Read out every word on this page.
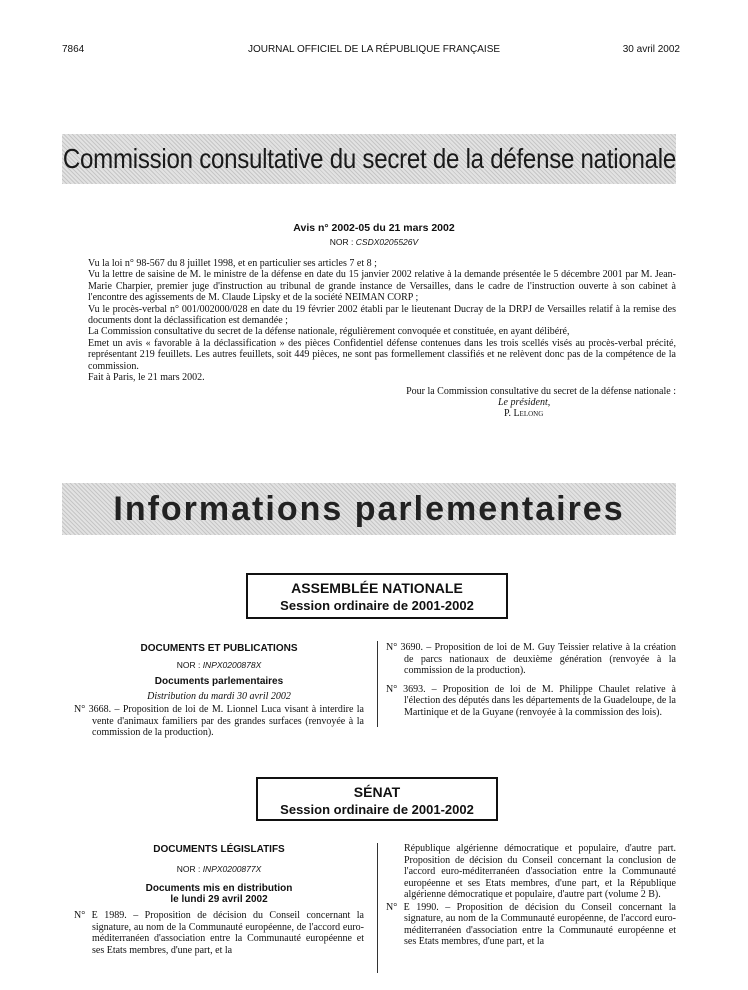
7864	JOURNAL OFFICIEL DE LA RÉPUBLIQUE FRANÇAISE	30 avril 2002
Commission consultative du secret de la défense nationale
Avis n° 2002-05 du 21 mars 2002
NOR : CSDX0205526V
Vu la loi n° 98-567 du 8 juillet 1998, et en particulier ses articles 7 et 8 ;
Vu la lettre de saisine de M. le ministre de la défense en date du 15 janvier 2002 relative à la demande présentée le 5 décembre 2001 par M. Jean-Marie Charpier, premier juge d'instruction au tribunal de grande instance de Versailles, dans le cadre de l'instruction ouverte à son cabinet à l'encontre des agissements de M. Claude Lipsky et de la société NEIMAN CORP ;
Vu le procès-verbal n° 001/002000/028 en date du 19 février 2002 établi par le lieutenant Ducray de la DRPJ de Versailles relatif à la remise des documents dont la déclassification est demandée ;
La Commission consultative du secret de la défense nationale, régulièrement convoquée et constituée, en ayant délibéré,
Emet un avis « favorable à la déclassification » des pièces Confidentiel défense contenues dans les trois scellés visés au procès-verbal précité, représentant 219 feuillets. Les autres feuillets, soit 449 pièces, ne sont pas formellement classifiés et ne relèvent donc pas de la compétence de la commission.
Fait à Paris, le 21 mars 2002.
Pour la Commission consultative du secret de la défense nationale :
Le président,
P. Lelong
Informations parlementaires
ASSEMBLÉE NATIONALE
Session ordinaire de 2001-2002
DOCUMENTS ET PUBLICATIONS
NOR : INPX0200878X
Documents parlementaires
Distribution du mardi 30 avril 2002
N° 3668. – Proposition de loi de M. Lionnel Luca visant à interdire la vente d'animaux familiers par des grandes surfaces (renvoyée à la commission de la production).
N° 3690. – Proposition de loi de M. Guy Teissier relative à la création de parcs nationaux de deuxième génération (renvoyée à la commission de la production).
N° 3693. – Proposition de loi de M. Philippe Chaulet relative à l'élection des députés dans les départements de la Guadeloupe, de la Martinique et de la Guyane (renvoyée à la commission des lois).
SÉNAT
Session ordinaire de 2001-2002
DOCUMENTS LÉGISLATIFS
NOR : INPX0200877X
Documents mis en distribution
le lundi 29 avril 2002
N° E 1989. – Proposition de décision du Conseil concernant la signature, au nom de la Communauté européenne, de l'accord euro-méditerranéen d'association entre la Communauté européenne et ses Etats membres, d'une part, et la
République algérienne démocratique et populaire, d'autre part. Proposition de décision du Conseil concernant la conclusion de l'accord euro-méditerranéen d'association entre la Communauté européenne et ses Etats membres, d'une part, et la République algérienne démocratique et populaire, d'autre part (volume 2 B).
N° E 1990. – Proposition de décision du Conseil concernant la signature, au nom de la Communauté européenne, de l'accord euro-méditerranéen d'association entre la Communauté européenne et ses Etats membres, d'une part, et la
